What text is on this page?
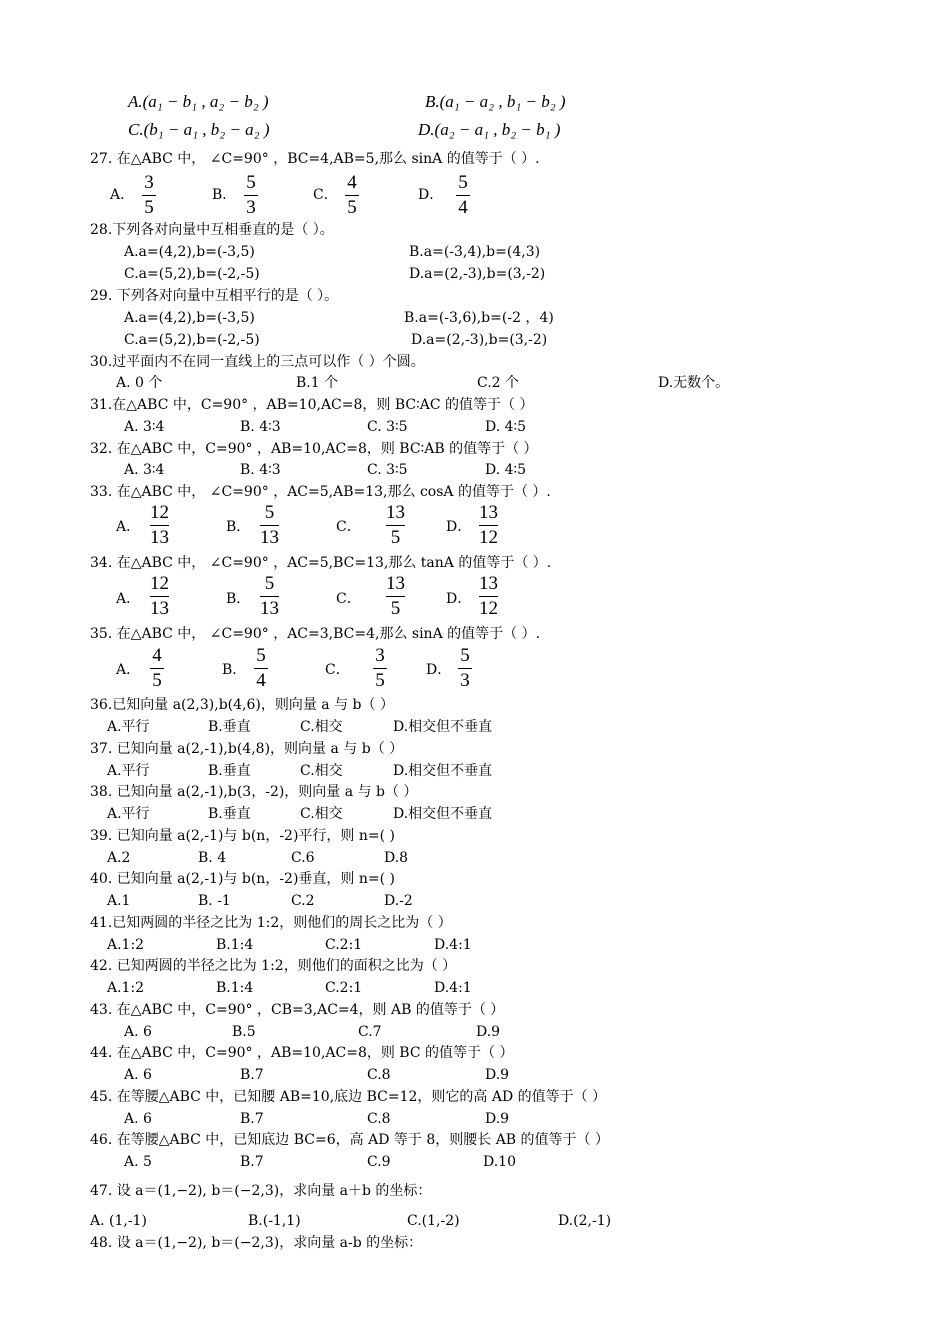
A.(a₁ − b₁ , a₂ − b₂ )	B.(a₁ − a₂ , b₁ − b₂ )
C.(b₁ − a₁ , b₂ − a₂ )	D.(a₂ − a₁ , b₂ − b₁ )
27. 在△ABC 中， ∠C=90° ，BC=4,AB=5,那么 sinA 的值等于（ ）.
A．
3
5
B．
5
3
C．
4
5
D．
5
4
28.下列各对向量中互相垂直的是（ ）。
A.a=(4,2),b=(-3,5)	B.a=(-3,4),b=(4,3)
C.a=(5,2),b=(-2,-5)	D.a=(2,-3),b=(3,-2)
29. 下列各对向量中互相平行的是（ ）。
A.a=(4,2),b=(-3,5)	B.a=(-3,6),b=(-2 ，4)
C.a=(5,2),b=(-2,-5)	D.a=(2,-3),b=(3,-2)
30.过平面内不在同一直线上的三点可以作（ ）个圆。
A. 0 个	B.1 个	C.2 个	D.无数个。
31.在△ABC 中，C=90° ，AB=10,AC=8，则 BC∶AC 的值等于（ ）
A. 3∶4	B. 4∶3	C. 3∶5	D. 4∶5
32. 在△ABC 中，C=90° ，AB=10,AC=8，则 BC∶AB 的值等于（ ）
A. 3∶4	B. 4∶3	C. 3∶5	D. 4∶5
33. 在△ABC 中， ∠C=90° ，AC=5,AB=13,那么 cosA 的值等于（ ）.
A．
12
13	B．
5
13	C．
13
5	D．
13
12
34. 在△ABC 中， ∠C=90° ，AC=5,BC=13,那么 tanA 的值等于（ ）.
A．
12
13	B．
5
13	C．
13
5	D．
13
12
35. 在△ABC 中， ∠C=90° ，AC=3,BC=4,那么 sinA 的值等于（ ）.
A．
4
5	B．
5
4	C．
3
5	D．
5
3
36.已知向量 a(2,3),b(4,6)，则向量 a 与 b（ ）
A.平行	B.垂直	C.相交	D.相交但不垂直
37. 已知向量 a(2,-1),b(4,8)，则向量 a 与 b（ ）
A.平行	B.垂直	C.相交	D.相交但不垂直
38. 已知向量 a(2,-1),b(3，-2)，则向量 a 与 b（ ）
A.平行	B.垂直	C.相交	D.相交但不垂直
39. 已知向量 a(2,-1)与 b(n，-2)平行，则 n=( )
A.2	B. 4	C.6	D.8
40. 已知向量 a(2,-1)与 b(n，-2)垂直，则 n=( )
A.1	B. -1	C.2	D.-2
41.已知两圆的半径之比为 1:2，则他们的周长之比为（ ）
A.1:2	B.1:4	C.2:1	D.4:1
42. 已知两圆的半径之比为 1:2，则他们的面积之比为（ ）
A.1:2	B.1:4	C.2:1	D.4:1
43. 在△ABC 中，C=90° ，CB=3,AC=4，则 AB 的值等于（ ）
A. 6	B.5	C.7	D.9
44. 在△ABC 中，C=90° ，AB=10,AC=8，则 BC 的值等于（ ）
A. 6	B.7	C.8	D.9
45. 在等腰△ABC 中，已知腰 AB=10,底边 BC=12，则它的高 AD 的值等于（ ）
A. 6	B.7	C.8	D.9
46. 在等腰△ABC 中，已知底边 BC=6，高 AD 等于 8，则腰长 AB 的值等于（ ）
A. 5	B.7	C.9	D.10
47. 设 a＝(1,−2), b＝(−2,3)，求向量 a＋b 的坐标：
A. (1,-1)	B.(-1,1)	C.(1,-2)	D.(2,-1)
48. 设 a＝(1,−2), b＝(−2,3)，求向量 a-b 的坐标：
